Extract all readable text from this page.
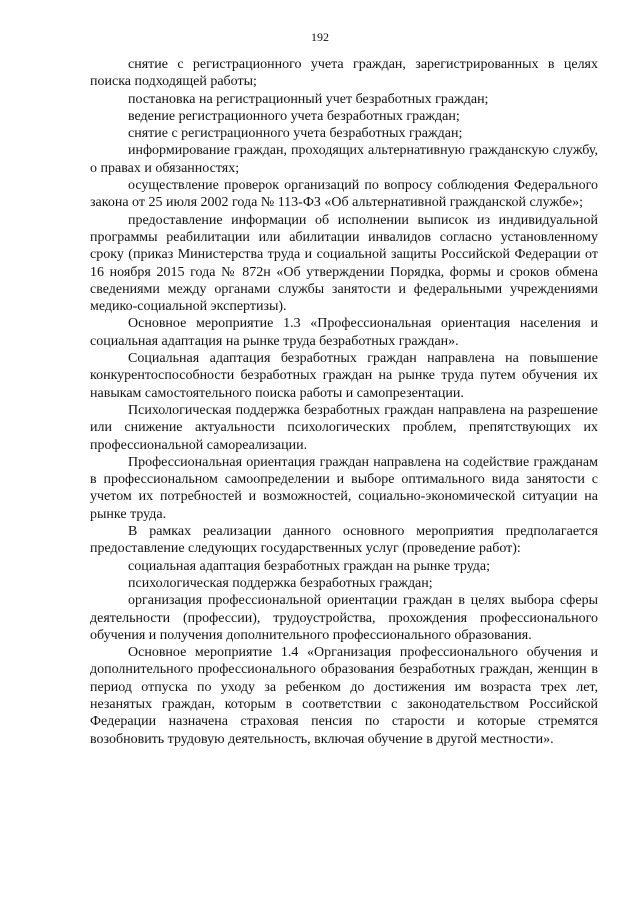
192

снятие с регистрационного учета граждан, зарегистрированных в целях поиска подходящей работы;

постановка на регистрационный учет безработных граждан;

ведение регистрационного учета безработных граждан;

снятие с регистрационного учета безработных граждан;

информирование граждан, проходящих альтернативную гражданскую службу, о правах и обязанностях;

осуществление проверок организаций по вопросу соблюдения Федерального закона от 25 июля 2002 года № 113-ФЗ «Об альтернативной гражданской службе»;

предоставление информации об исполнении выписок из индивидуальной программы реабилитации или абилитации инвалидов согласно установленному сроку (приказ Министерства труда и социальной защиты Российской Федерации от 16 ноября 2015 года № 872н «Об утверждении Порядка, формы и сроков обмена сведениями между органами службы занятости и федеральными учреждениями медико-социальной экспертизы).

Основное мероприятие 1.3 «Профессиональная ориентация населения и социальная адаптация на рынке труда безработных граждан».

Социальная адаптация безработных граждан направлена на повышение конкурентоспособности безработных граждан на рынке труда путем обучения их навыкам самостоятельного поиска работы и самопрезентации.

Психологическая поддержка безработных граждан направлена на разрешение или снижение актуальности психологических проблем, препятствующих их профессиональной самореализации.

Профессиональная ориентация граждан направлена на содействие гражданам в профессиональном самоопределении и выборе оптимального вида занятости с учетом их потребностей и возможностей, социально-экономической ситуации на рынке труда.

В рамках реализации данного основного мероприятия предполагается предоставление следующих государственных услуг (проведение работ):

социальная адаптация безработных граждан на рынке труда;

психологическая поддержка безработных граждан;

организация профессиональной ориентации граждан в целях выбора сферы деятельности (профессии), трудоустройства, прохождения профессионального обучения и получения дополнительного профессионального образования.

Основное мероприятие 1.4 «Организация профессионального обучения и дополнительного профессионального образования безработных граждан, женщин в период отпуска по уходу за ребенком до достижения им возраста трех лет, незанятых граждан, которым в соответствии с законодательством Российской Федерации назначена страховая пенсия по старости и которые стремятся возобновить трудовую деятельность, включая обучение в другой местности».
